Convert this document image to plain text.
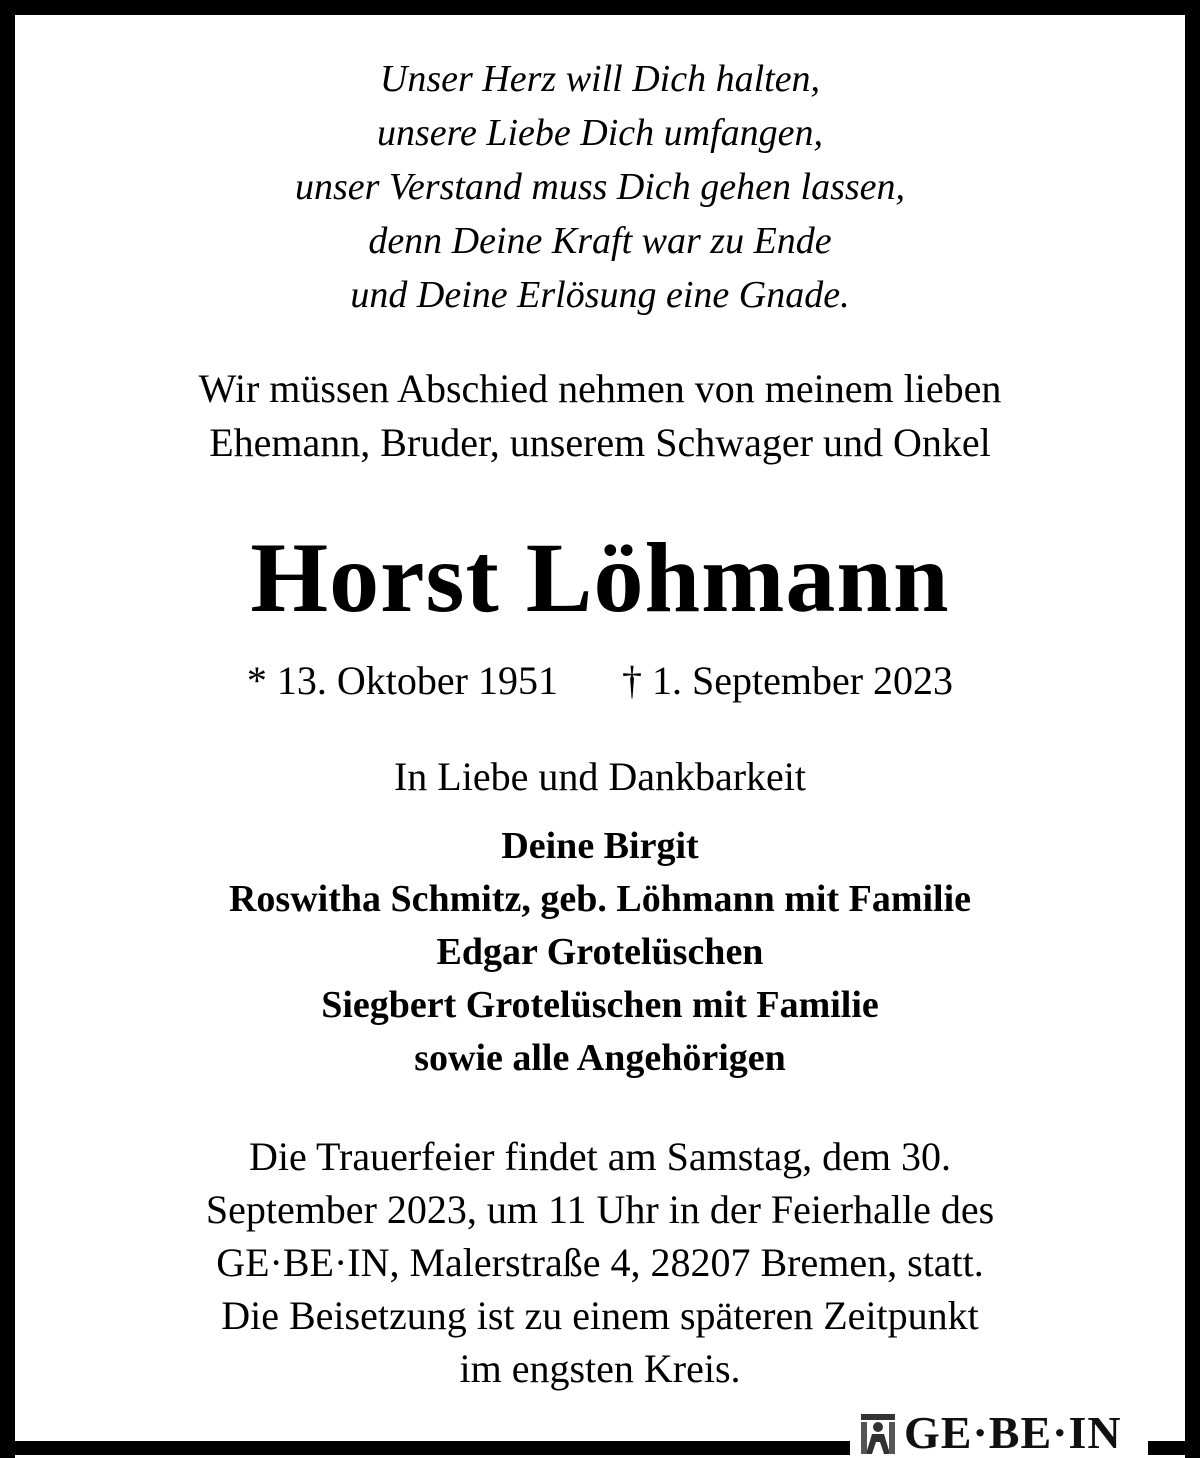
Unser Herz will Dich halten,
unsere Liebe Dich umfangen,
unser Verstand muss Dich gehen lassen,
denn Deine Kraft war zu Ende
und Deine Erlösung eine Gnade.
Wir müssen Abschied nehmen von meinem lieben
Ehemann, Bruder, unserem Schwager und Onkel
Horst Löhmann
* 13. Oktober 1951 † 1. September 2023
In Liebe und Dankbarkeit
Deine Birgit
Roswitha Schmitz, geb. Löhmann mit Familie
Edgar Grotelüschen
Siegbert Grotelüschen mit Familie
sowie alle Angehörigen
Die Trauerfeier findet am Samstag, dem 30.
September 2023, um 11 Uhr in der Feierhalle des
GE·BE·IN, Malerstraße 4, 28207 Bremen, statt.
Die Beisetzung ist zu einem späteren Zeitpunkt
im engsten Kreis.
GE·BE·IN
